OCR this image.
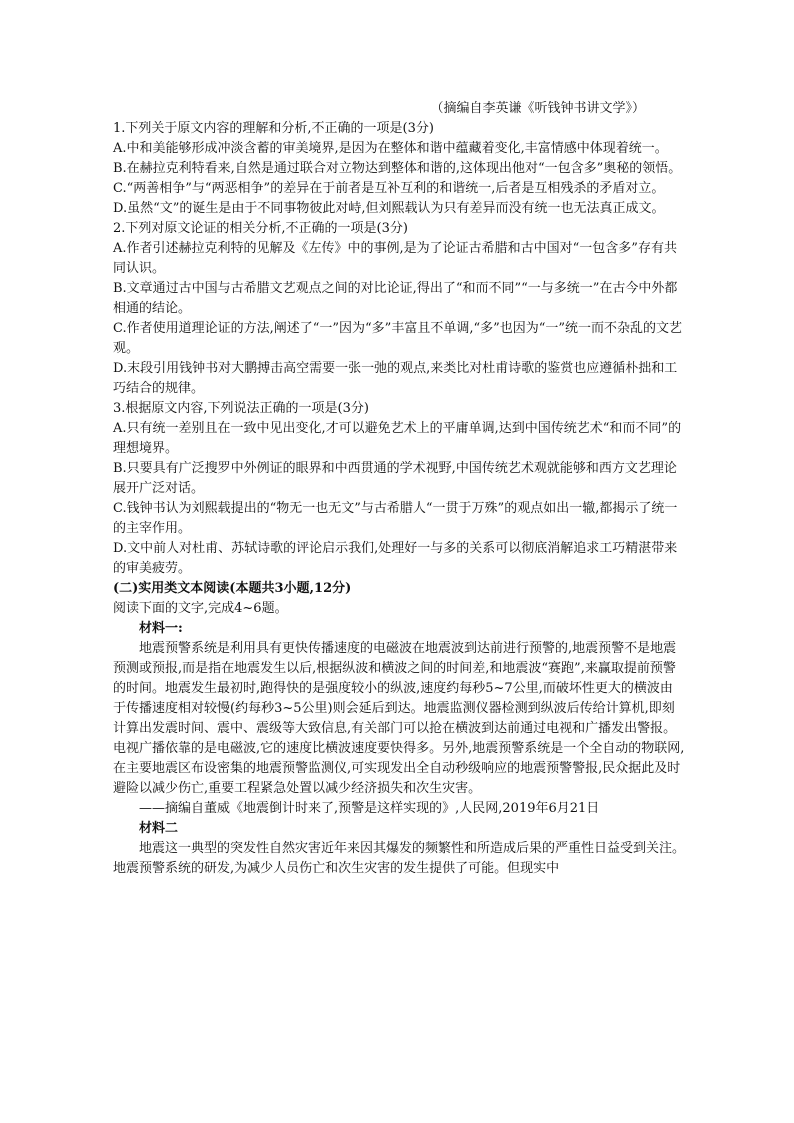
（摘编自李英谦《听钱钟书讲文学》）

1.下列关于原文内容的理解和分析,不正确的一项是(3分)

A.中和美能够形成冲淡含蓄的审美境界,是因为在整体和谐中蕴藏着变化,丰富情感中体现着统一。

B.在赫拉克利特看来,自然是通过联合对立物达到整体和谐的,这体现出他对“一包含多”奥秘的领悟。

C.“两善相争”与“两恶相争”的差异在于前者是互补互利的和谐统一,后者是互相残杀的矛盾对立。

D.虽然“文”的诞生是由于不同事物彼此对峙,但刘熙载认为只有差异而没有统一也无法真正成文。

2.下列对原文论证的相关分析,不正确的一项是(3分)

A.作者引述赫拉克利特的见解及《左传》中的事例,是为了论证古希腊和古中国对“一包含多”存有共同认识。

B.文章通过古中国与古希腊文艺观点之间的对比论证,得出了“和而不同”“一与多统一”在古今中外都相通的结论。

C.作者使用道理论证的方法,阐述了“一”因为“多”丰富且不单调,“多”也因为“一”统一而不杂乱的文艺观。

D.末段引用钱钟书对大鹏搏击高空需要一张一弛的观点,来类比对杜甫诗歌的鉴赏也应遵循朴拙和工巧结合的规律。

3.根据原文内容,下列说法正确的一项是(3分)

A.只有统一差别且在一致中见出变化,才可以避免艺术上的平庸单调,达到中国传统艺术“和而不同”的理想境界。

B.只要具有广泛搜罗中外例证的眼界和中西贯通的学术视野,中国传统艺术观就能够和西方文艺理论展开广泛对话。

C.钱钟书认为刘熙载提出的“物无一也无文”与古希腊人“一贯于万殊”的观点如出一辙,都揭示了统一的主宰作用。

D.文中前人对杜甫、苏轼诗歌的评论启示我们,处理好一与多的关系可以彻底消解追求工巧精湛带来的审美疲劳。

(二)实用类文本阅读(本题共3小题,12分)

阅读下面的文字,完成4~6题。

材料一:

地震预警系统是利用具有更快传播速度的电磁波在地震波到达前进行预警的,地震预警不是地震预测或预报,而是指在地震发生以后,根据纵波和横波之间的时间差,和地震波“赛跑”,来赢取提前预警的时间。地震发生最初时,跑得快的是强度较小的纵波,速度约每秒5~7公里,而破坏性更大的横波由于传播速度相对较慢(约每秒3~5公里)则会延后到达。地震监测仪器检测到纵波后传给计算机,即刻计算出发震时间、震中、震级等大致信息,有关部门可以抢在横波到达前通过电视和广播发出警报。电视广播依靠的是电磁波,它的速度比横波速度要快得多。另外,地震预警系统是一个全自动的物联网,在主要地震区布设密集的地震预警监测仪,可实现发出全自动秒级响应的地震预警警报,民众据此及时避险以减少伤亡,重要工程紧急处置以减少经济损失和次生灾害。

——摘编自董威《地震倒计时来了,预警是这样实现的》,人民网,2019年6月21日

材料二

地震这一典型的突发性自然灾害近年来因其爆发的频繁性和所造成后果的严重性日益受到关注。地震预警系统的研发,为减少人员伤亡和次生灾害的发生提供了可能。但现实中
